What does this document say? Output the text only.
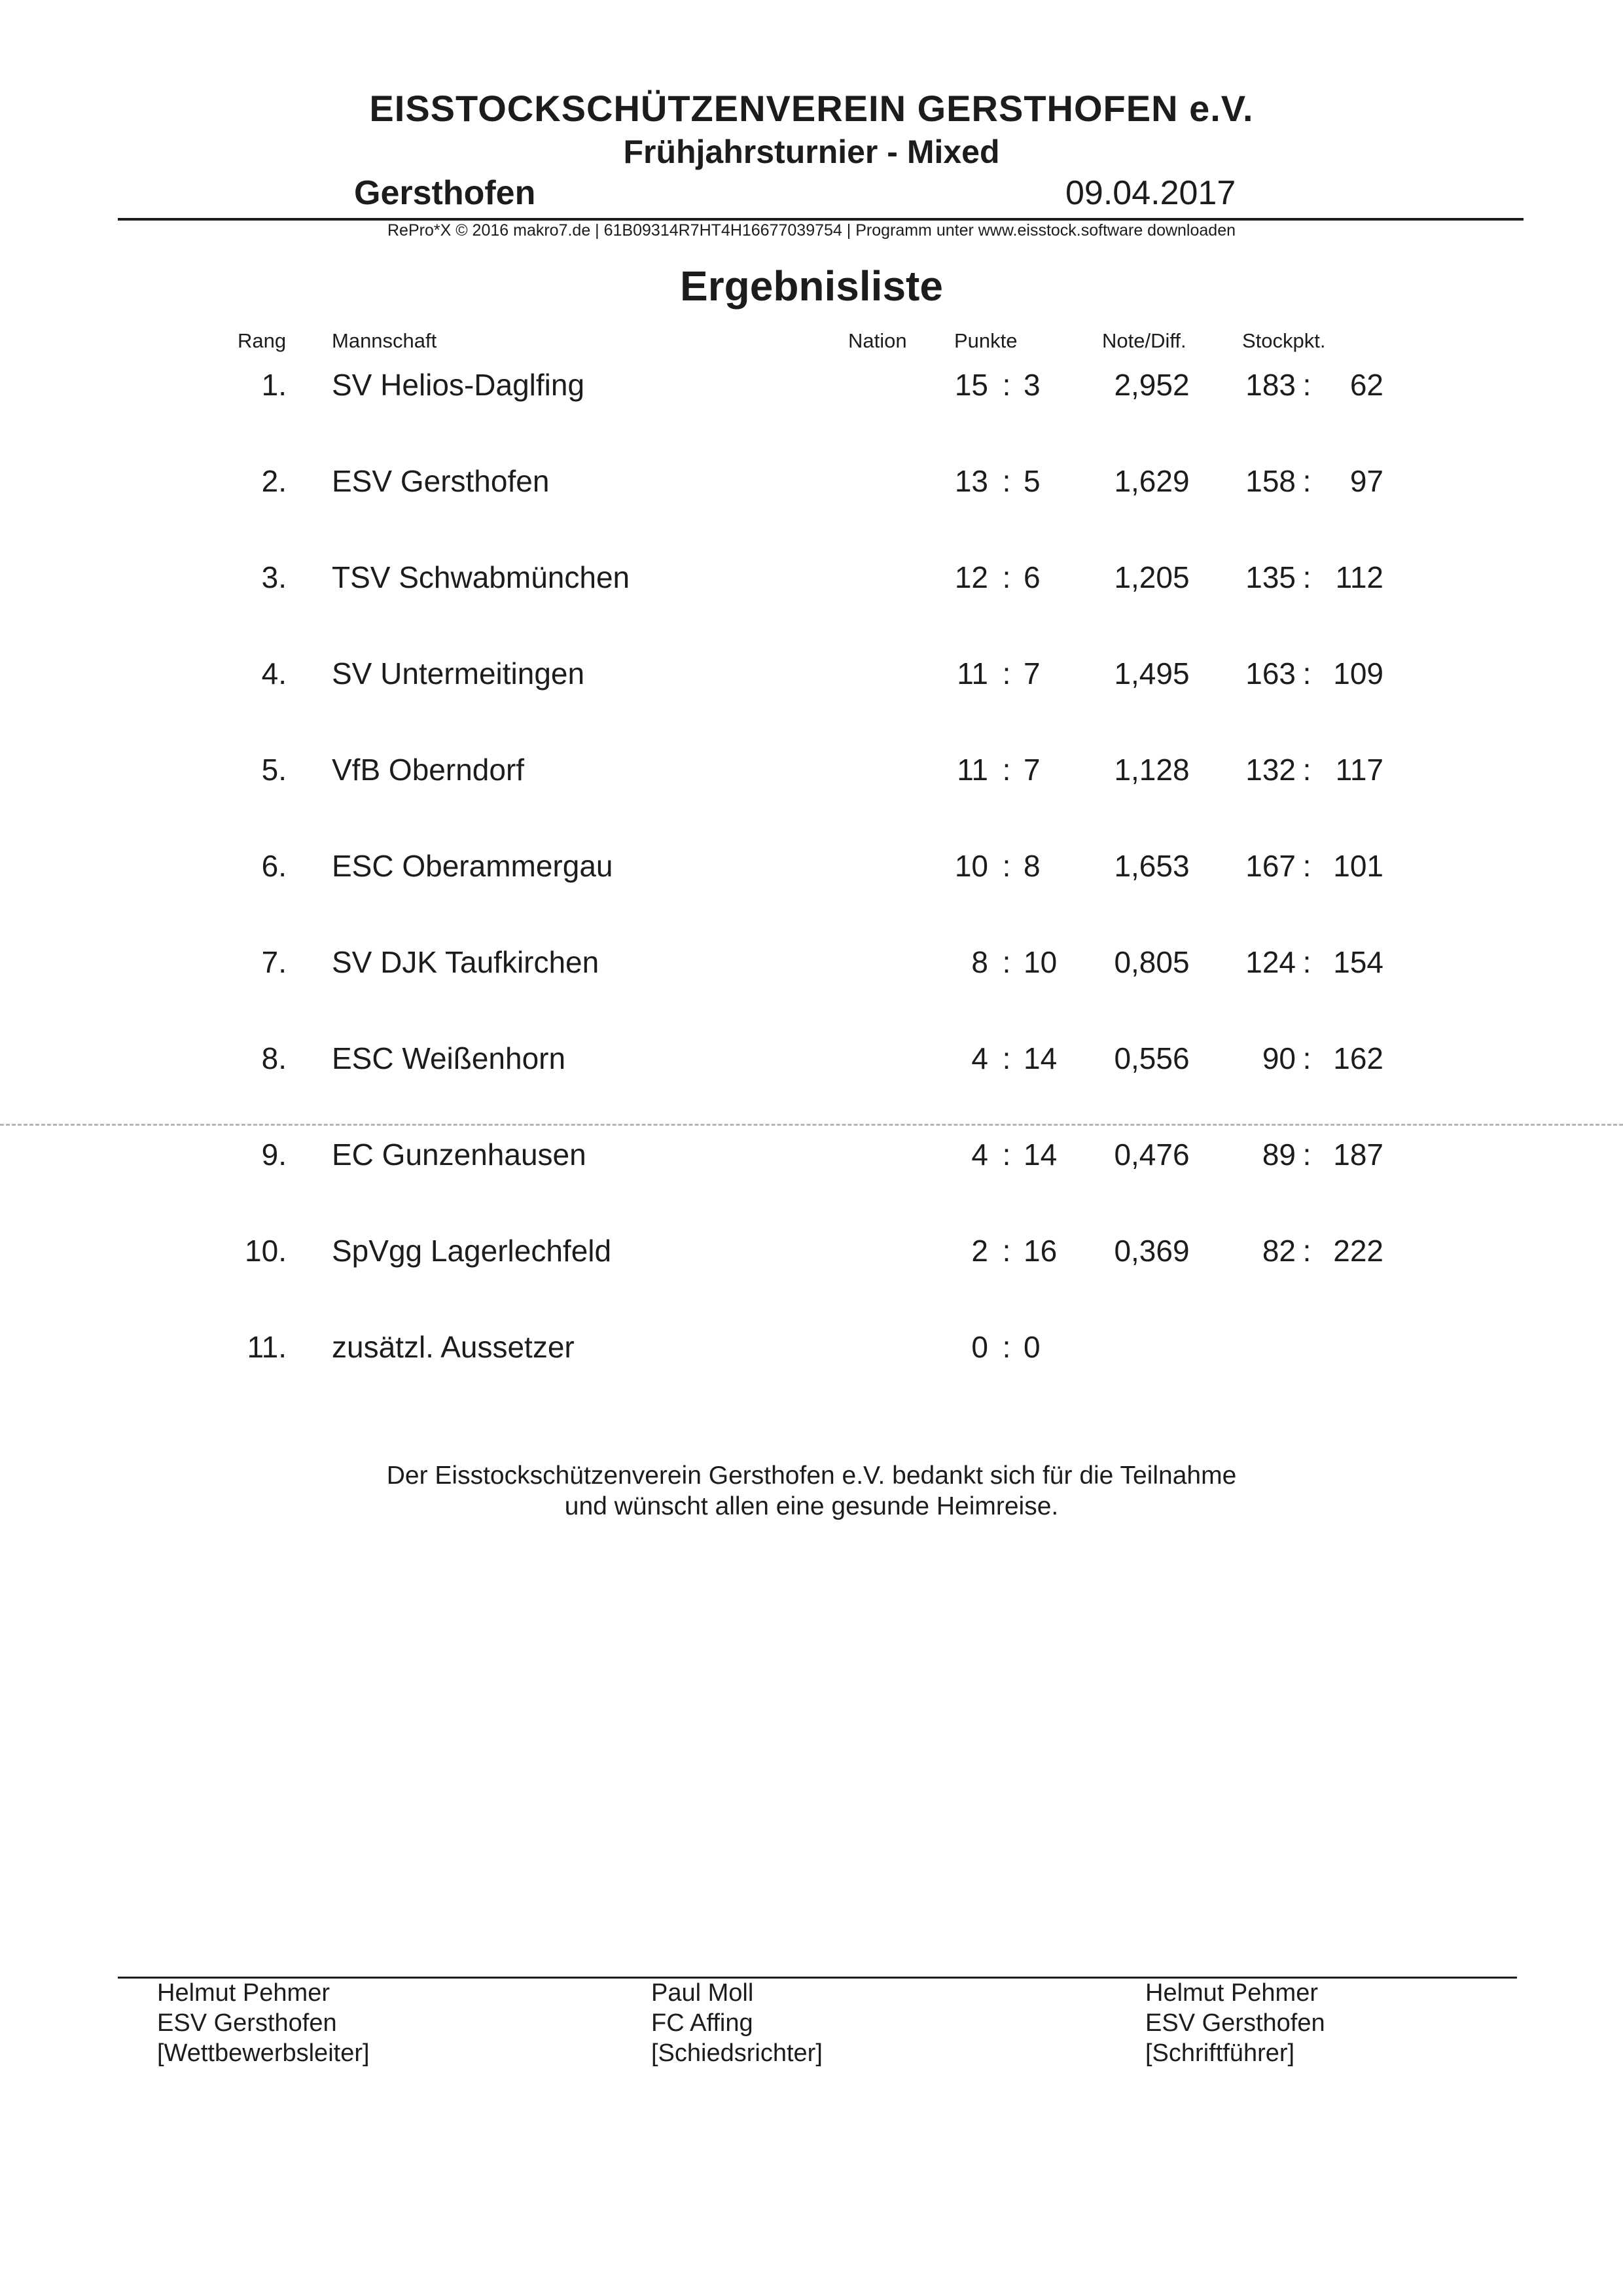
EISSTOCKSCHÜTZENVEREIN GERSTHOFEN e.V.
Frühjahrsturnier - Mixed
Gersthofen	09.04.2017
RePro*X © 2016 makro7.de | 61B09314R7HT4H16677039754 | Programm unter www.eisstock.software downloaden
Ergebnisliste
Rang Mannschaft	Nation Punkte	Note/Diff.	Stockpkt.
1. SV Helios-Daglfing	15 : 3	2,952	183 :	62
2. ESV Gersthofen	13 : 5	1,629	158 :	97
3. TSV Schwabmünchen	12 : 6	1,205	135 : 112
4. SV Untermeitingen	11 : 7	1,495	163 : 109
5. VfB Oberndorf	11 : 7	1,128	132 : 117
6. ESC Oberammergau	10 : 8	1,653	167 : 101
7. SV DJK Taufkirchen	8 : 10	0,805	124 : 154
8. ESC Weißenhorn	4 : 14	0,556	90 : 162
9. EC Gunzenhausen	4 : 14	0,476	89 : 187
10. SpVgg Lagerlechfeld	2 : 16	0,369	82 : 222
11. zusätzl. Aussetzer	0 : 0
Der Eisstockschützenverein Gersthofen e.V. bedankt sich für die Teilnahme
und wünscht allen eine gesunde Heimreise.
Helmut Pehmer
ESV Gersthofen
[Wettbewerbsleiter]
Paul Moll
FC Affing
[Schiedsrichter]
Helmut Pehmer
ESV Gersthofen
[Schriftführer]
